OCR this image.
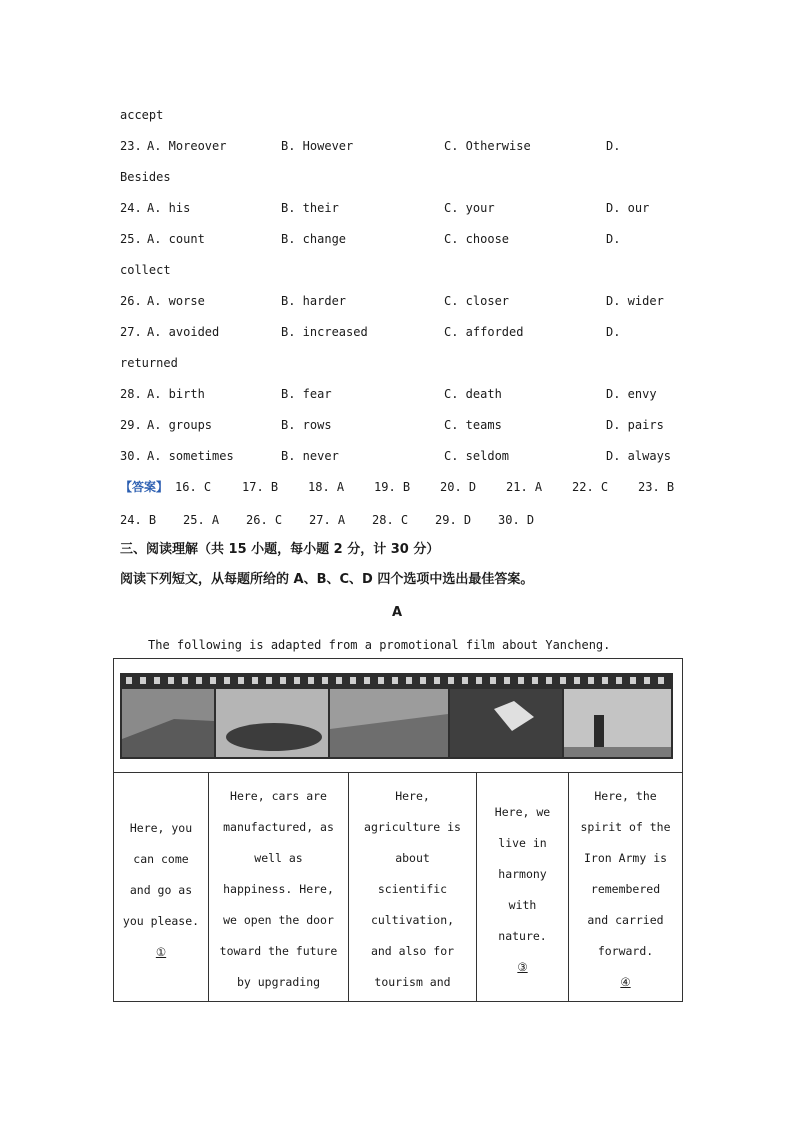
accept
23. A. Moreover	B. However	C. Otherwise	D.
Besides
24. A. his	B. their	C. your	D. our
25. A. count	B. change	C. choose	D.
collect
26. A. worse	B. harder	C. closer	D. wider
27. A. avoided	B. increased	C. afforded	D.
returned
28. A. birth	B. fear	C. death	D. envy
29. A. groups	B. rows	C. teams	D. pairs
30. A. sometimes	B. never	C. seldom	D. always
【答案】 16. C	17. B 18. A 19. B 20. D 21. A 22. C 23. B
24. B 25. A 26. C 27. A 28. C 29. D 30. D
三、阅读理解（共 15 小题，每小题 2 分，计 30 分）
阅读下列短文，从每题所给的 A、B、C、D 四个选项中选出最佳答案。
A
The following is adapted from a promotional film about Yancheng.

Here, you
can come
and go as
you please.
①

Here, cars are
manufactured, as
well as
happiness. Here,
we open the door
toward the future
by upgrading

Here,
agriculture is
about
scientific
cultivation,
and also for
tourism and

Here, we
live in
harmony
with
nature.
③

Here, the
spirit of the
Iron Army is
remembered
and carried
forward.
④
